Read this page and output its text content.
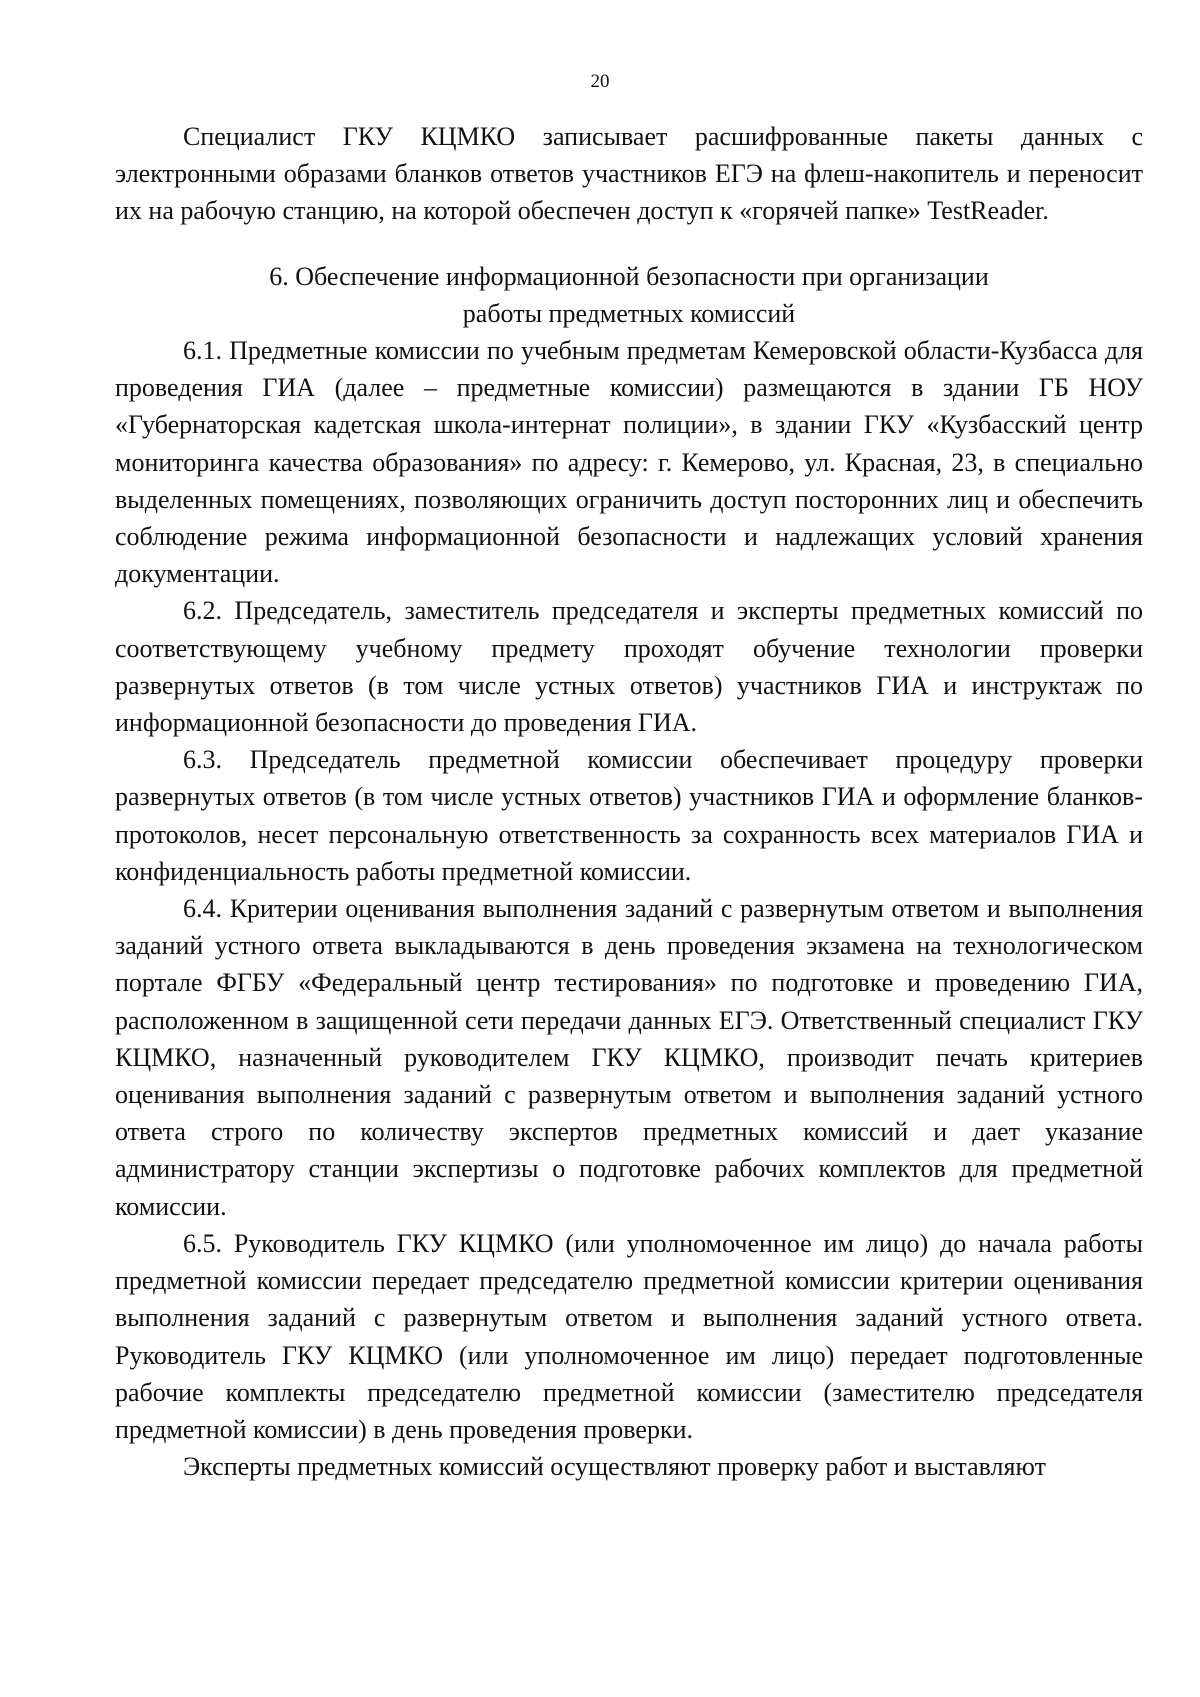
20

Специалист ГКУ КЦМКО записывает расшифрованные пакеты данных с электронными образами бланков ответов участников ЕГЭ на флеш-накопитель и переносит их на рабочую станцию, на которой обеспечен доступ к «горячей папке» TestReader.

6. Обеспечение информационной безопасности при организации
работы предметных комиссий

6.1. Предметные комиссии по учебным предметам Кемеровской области-Кузбасса для проведения ГИА (далее – предметные комиссии) размещаются в здании ГБ НОУ «Губернаторская кадетская школа-интернат полиции», в здании ГКУ «Кузбасский центр мониторинга качества образования» по адресу: г. Кемерово, ул. Красная, 23, в специально выделенных помещениях, позволяющих ограничить доступ посторонних лиц и обеспечить соблюдение режима информационной безопасности и надлежащих условий хранения документации.

6.2. Председатель, заместитель председателя и эксперты предметных комиссий по соответствующему учебному предмету проходят обучение технологии проверки развернутых ответов (в том числе устных ответов) участников ГИА и инструктаж по информационной безопасности до проведения ГИА.

6.3. Председатель предметной комиссии обеспечивает процедуру проверки развернутых ответов (в том числе устных ответов) участников ГИА и оформление бланков-протоколов, несет персональную ответственность за сохранность всех материалов ГИА и конфиденциальность работы предметной комиссии.

6.4. Критерии оценивания выполнения заданий с развернутым ответом и выполнения заданий устного ответа выкладываются в день проведения экзамена на технологическом портале ФГБУ «Федеральный центр тестирования» по подготовке и проведению ГИА, расположенном в защищенной сети передачи данных ЕГЭ. Ответственный специалист ГКУ КЦМКО, назначенный руководителем ГКУ КЦМКО, производит печать критериев оценивания выполнения заданий с развернутым ответом и выполнения заданий устного ответа строго по количеству экспертов предметных комиссий и дает указание администратору станции экспертизы о подготовке рабочих комплектов для предметной комиссии.

6.5. Руководитель ГКУ КЦМКО (или уполномоченное им лицо) до начала работы предметной комиссии передает председателю предметной комиссии критерии оценивания выполнения заданий с развернутым ответом и выполнения заданий устного ответа. Руководитель ГКУ КЦМКО (или уполномоченное им лицо) передает подготовленные рабочие комплекты председателю предметной комиссии (заместителю председателя предметной комиссии) в день проведения проверки.

Эксперты предметных комиссий осуществляют проверку работ и выставляют
